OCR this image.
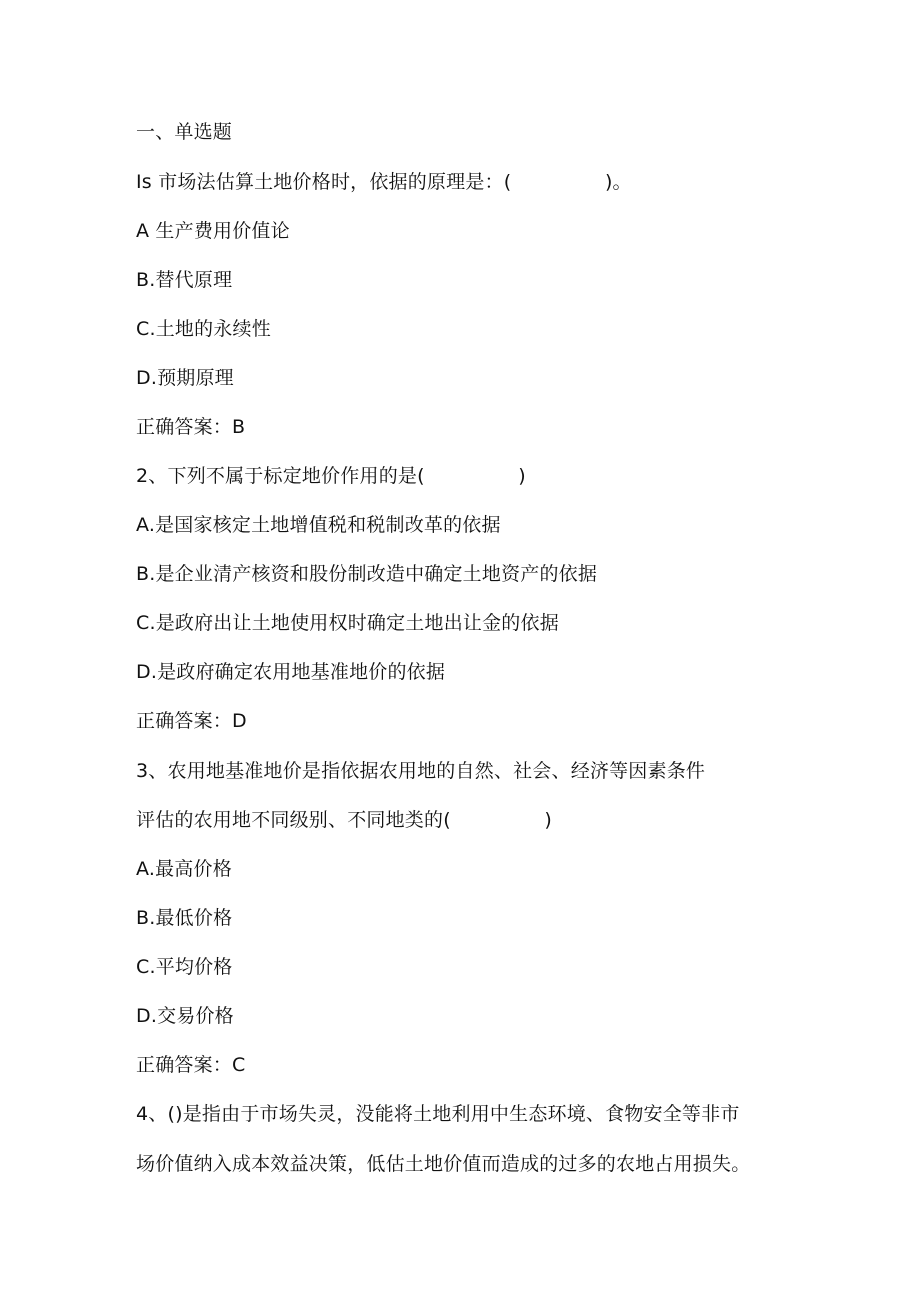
一、单选题

Is 市场法估算土地价格时，依据的原理是：(               )。

A 生产费用价值论

B.替代原理

C.土地的永续性

D.预期原理

正确答案：B

2、下列不属于标定地价作用的是(               )

A.是国家核定土地增值税和税制改革的依据

B.是企业清产核资和股份制改造中确定土地资产的依据

C.是政府出让土地使用权时确定土地出让金的依据

D.是政府确定农用地基准地价的依据

正确答案：D

3、农用地基准地价是指依据农用地的自然、社会、经济等因素条件

评估的农用地不同级别、不同地类的(               )

A.最高价格

B.最低价格

C.平均价格

D.交易价格

正确答案：C

4、()是指由于市场失灵，没能将土地利用中生态环境、食物安全等非市

场价值纳入成本效益决策，低估土地价值而造成的过多的农地占用损失。
